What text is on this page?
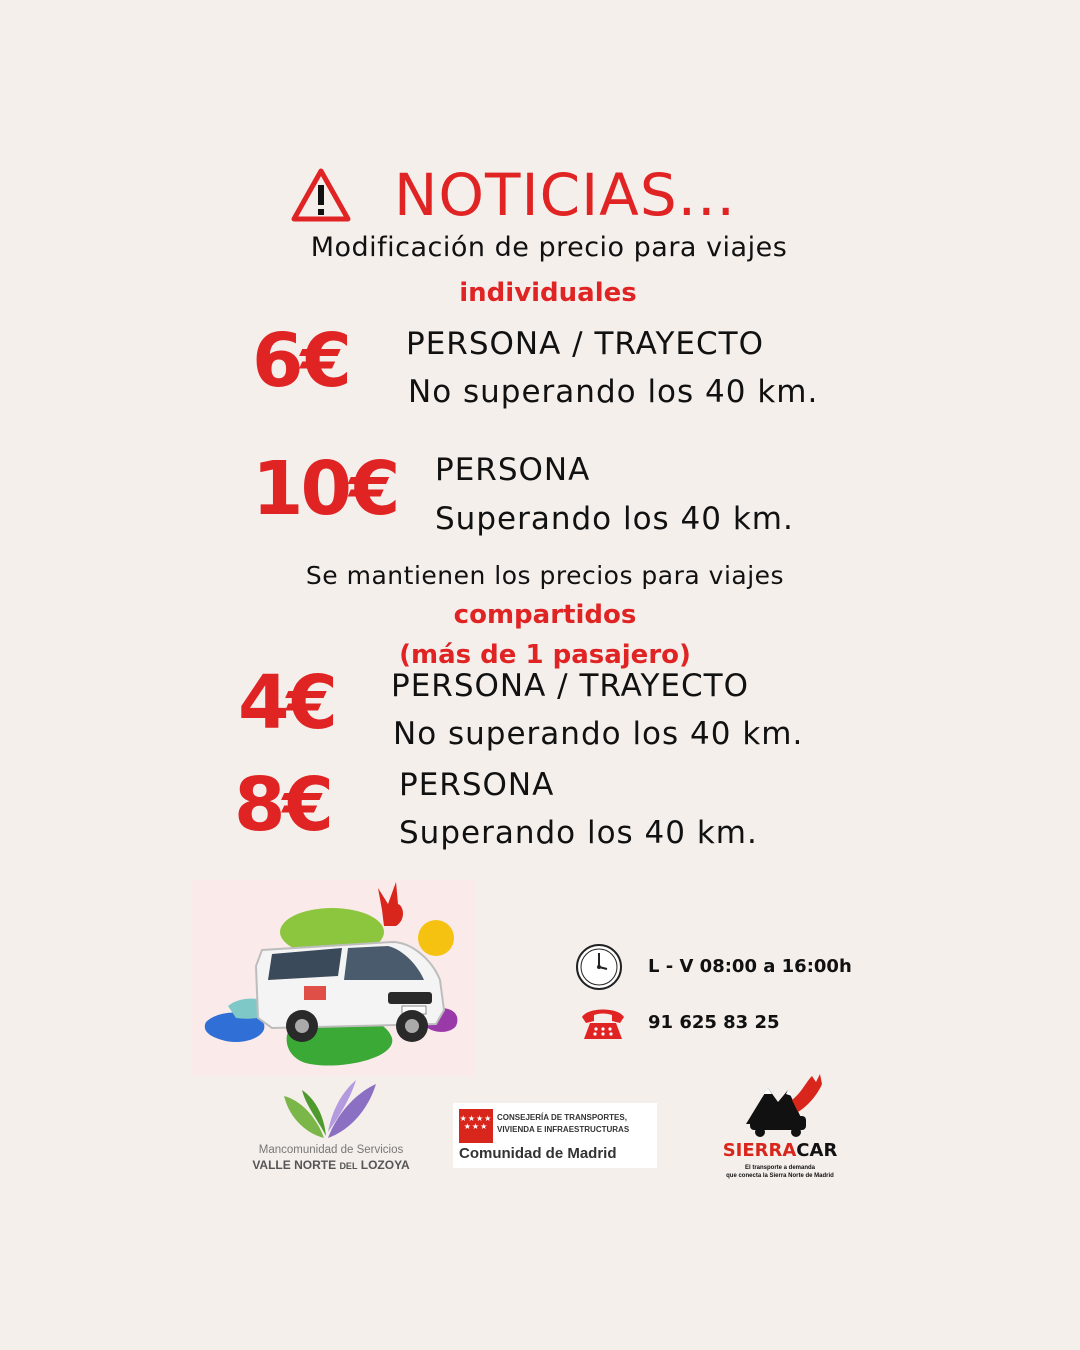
NOTICIAS...
Modificación de precio para viajes
individuales
6€ PERSONA / TRAYECTO
No superando los 40 km.
10€ PERSONA
Superando los 40 km.
Se mantienen los precios para viajes
compartidos
(más de 1 pasajero)
4€ PERSONA / TRAYECTO
No superando los 40 km.
8€ PERSONA
Superando los 40 km.
L - V 08:00 a 16:00h
91 625 83 25
Mancomunidad de Servicios
VALLE NORTE DEL LOZOYA
★★★★
★★★
CONSEJERÍA DE TRANSPORTES,
VIVIENDA E INFRAESTRUCTURAS
Comunidad de Madrid	SIERRACAR
El transporte a demanda
que conecta la Sierra Norte de Madrid
